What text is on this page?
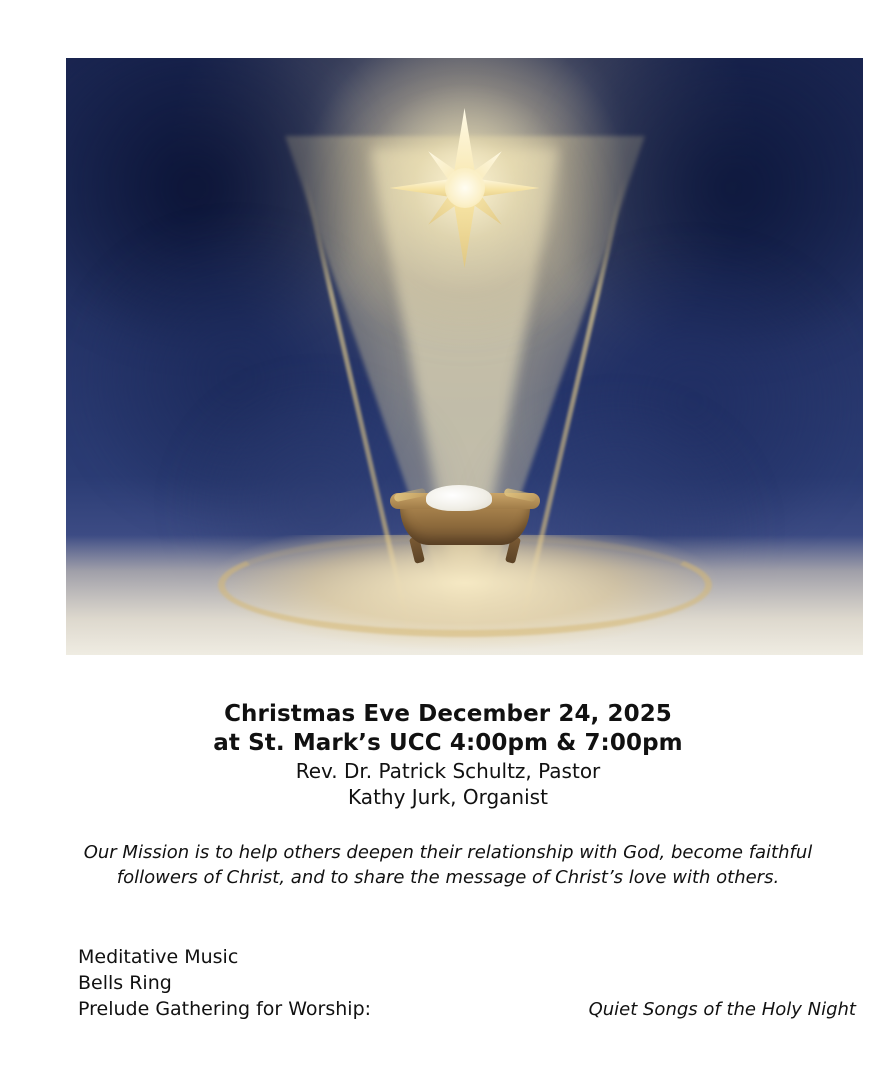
Christmas Eve December 24, 2025
at St. Mark’s UCC 4:00pm & 7:00pm
Rev. Dr. Patrick Schultz, Pastor
Kathy Jurk, Organist
Our Mission is to help others deepen their relationship with God, become faithful followers of Christ, and to share the message of Christ’s love with others.
Meditative Music
Bells Ring
Prelude Gathering for Worship:	Quiet Songs of the Holy Night
